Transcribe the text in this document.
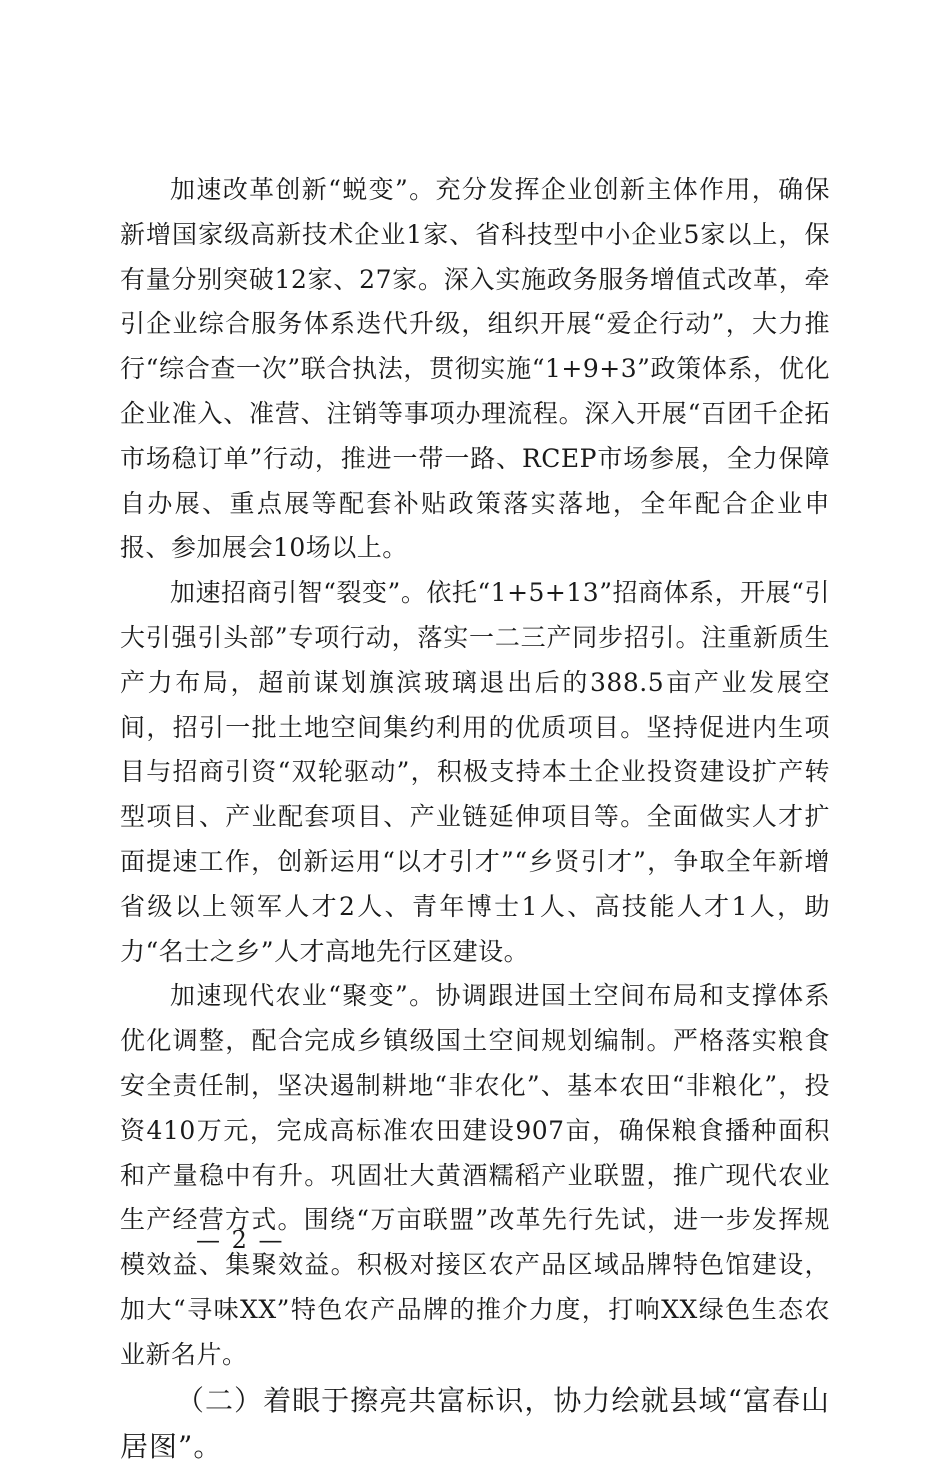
加速改革创新“蜕变”。充分发挥企业创新主体作用，确保新增国家级高新技术企业1家、省科技型中小企业5家以上，保有量分别突破12家、27家。深入实施政务服务增值式改革，牵引企业综合服务体系迭代升级，组织开展“爱企行动”，大力推行“综合查一次”联合执法，贯彻实施“1+9+3”政策体系，优化企业准入、准营、注销等事项办理流程。深入开展“百团千企拓市场稳订单”行动，推进一带一路、RCEP市场参展，全力保障自办展、重点展等配套补贴政策落实落地，全年配合企业申报、参加展会10场以上。

加速招商引智“裂变”。依托“1+5+13”招商体系，开展“引大引强引头部”专项行动，落实一二三产同步招引。注重新质生产力布局，超前谋划旗滨玻璃退出后的388.5亩产业发展空间，招引一批土地空间集约利用的优质项目。坚持促进内生项目与招商引资“双轮驱动”，积极支持本土企业投资建设扩产转型项目、产业配套项目、产业链延伸项目等。全面做实人才扩面提速工作，创新运用“以才引才”“乡贤引才”，争取全年新增省级以上领军人才2人、青年博士1人、高技能人才1人，助力“名士之乡”人才高地先行区建设。

加速现代农业“聚变”。协调跟进国土空间布局和支撑体系优化调整，配合完成乡镇级国土空间规划编制。严格落实粮食安全责任制，坚决遏制耕地“非农化”、基本农田“非粮化”，投资410万元，完成高标准农田建设907亩，确保粮食播种面积和产量稳中有升。巩固壮大黄酒糯稻产业联盟，推广现代农业生产经营方式。围绕“万亩联盟”改革先行先试，进一步发挥规模效益、集聚效益。积极对接区农产品区域品牌特色馆建设，加大“寻味XX”特色农产品牌的推介力度，打响XX绿色生态农业新名片。

（二）着眼于擦亮共富标识，协力绘就县域“富春山居图”。

— 2 —
